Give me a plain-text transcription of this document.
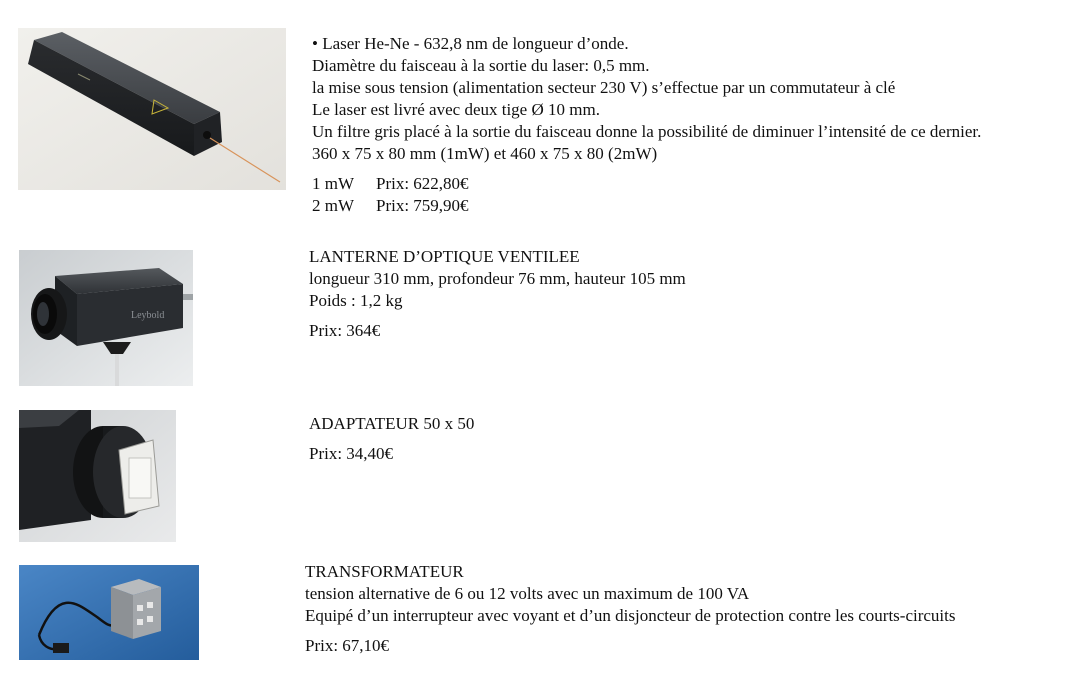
• Laser He-Ne - 632,8 nm de longueur d’onde.
Diamètre du faisceau à la sortie du laser: 0,5 mm.
la mise sous tension (alimentation secteur 230 V) s’effectue par un commutateur à clé
Le laser est livré avec deux tige Ø 10 mm.
Un filtre gris placé à la sortie du faisceau donne la possibilité de diminuer l’intensité de ce dernier.
360 x 75 x 80 mm (1mW) et 460 x 75 x 80 (2mW)
1 mW Prix: 622,80€
2 mW Prix: 759,90€
Leybold
LANTERNE D’OPTIQUE VENTILEE
longueur 310 mm, profondeur 76 mm, hauteur 105 mm
Poids : 1,2 kg
Prix: 364€
ADAPTATEUR 50 x 50
Prix: 34,40€
TRANSFORMATEUR
tension alternative de 6 ou 12 volts avec un maximum de 100 VA
Equipé d’un interrupteur avec voyant et d’un disjoncteur de protection contre les courts-circuits
Prix: 67,10€
